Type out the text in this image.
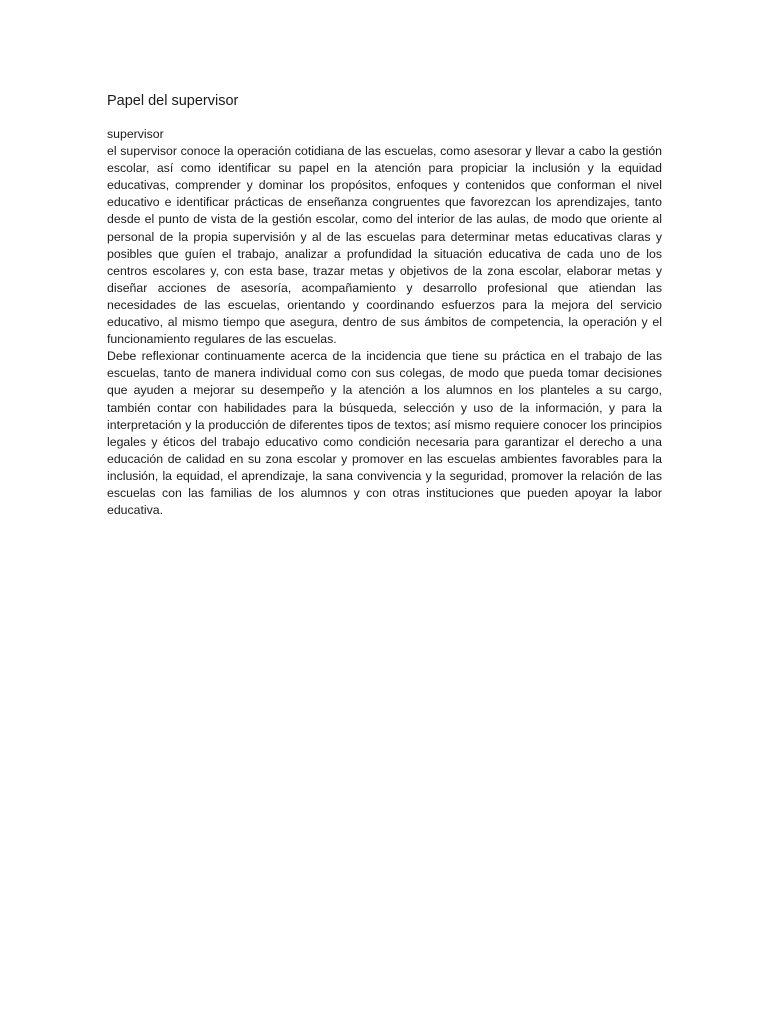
Papel del supervisor

supervisor

el supervisor conoce la operación cotidiana de las escuelas, como asesorar y llevar a cabo la gestión escolar, así como identificar su papel en la atención para propiciar la inclusión y la equidad educativas, comprender y dominar los propósitos, enfoques y contenidos que conforman el nivel educativo e identificar prácticas de enseñanza congruentes que favorezcan los aprendizajes, tanto desde el punto de vista de la gestión escolar, como del interior de las aulas, de modo que oriente al personal de la propia supervisión y al de las escuelas para determinar metas educativas claras y posibles que guíen el trabajo, analizar a profundidad la situación educativa de cada uno de los centros escolares y, con esta base, trazar metas y objetivos de la zona escolar, elaborar metas y diseñar acciones de asesoría, acompañamiento y desarrollo profesional que atiendan las necesidades de las escuelas, orientando y coordinando esfuerzos para la mejora del servicio educativo, al mismo tiempo que asegura, dentro de sus ámbitos de competencia, la operación y el funcionamiento regulares de las escuelas.

Debe reflexionar continuamente acerca de la incidencia que tiene su práctica en el trabajo de las escuelas, tanto de manera individual como con sus colegas, de modo que pueda tomar decisiones que ayuden a mejorar su desempeño y la atención a los alumnos en los planteles a su cargo, también contar con habilidades para la búsqueda, selección y uso de la información, y para la interpretación y la producción de diferentes tipos de textos; así mismo requiere conocer los principios legales y éticos del trabajo educativo como condición necesaria para garantizar el derecho a una educación de calidad en su zona escolar y promover en las escuelas ambientes favorables para la inclusión, la equidad, el aprendizaje, la sana convivencia y la seguridad, promover la relación de las escuelas con las familias de los alumnos y con otras instituciones que pueden apoyar la labor educativa.
